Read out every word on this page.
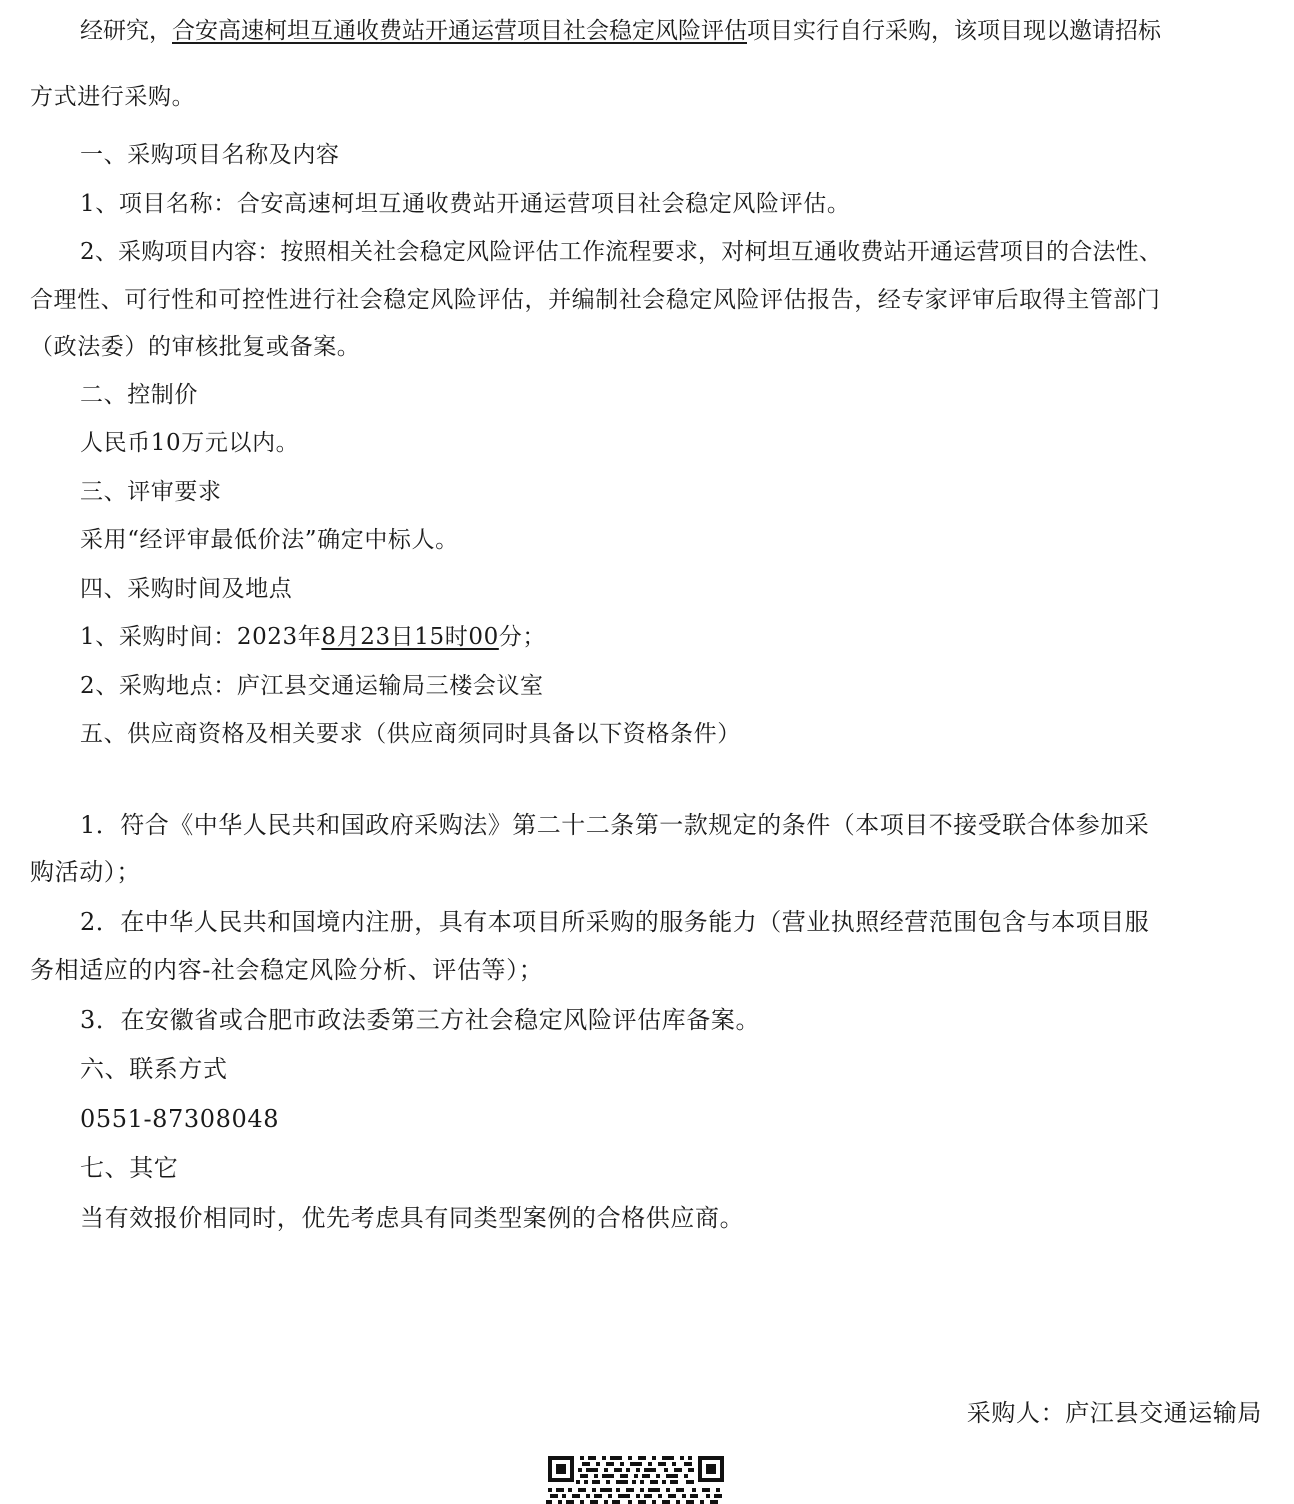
经研究，合安高速柯坦互通收费站开通运营项目社会稳定风险评估项目实行自行采购，该项目现以邀请招标
方式进行采购。
一、采购项目名称及内容
1、项目名称：合安高速柯坦互通收费站开通运营项目社会稳定风险评估。
2、采购项目内容：按照相关社会稳定风险评估工作流程要求，对柯坦互通收费站开通运营项目的合法性、
合理性、可行性和可控性进行社会稳定风险评估，并编制社会稳定风险评估报告，经专家评审后取得主管部门
（政法委）的审核批复或备案。
二、控制价
人民币10万元以内。
三、评审要求
采用“经评审最低价法”确定中标人。
四、采购时间及地点
1、采购时间：2023年8月23日15时00分；
2、采购地点：庐江县交通运输局三楼会议室
五、供应商资格及相关要求（供应商须同时具备以下资格条件）
1．符合《中华人民共和国政府采购法》第二十二条第一款规定的条件（本项目不接受联合体参加采
购活动）；
2．在中华人民共和国境内注册，具有本项目所采购的服务能力（营业执照经营范围包含与本项目服
务相适应的内容-社会稳定风险分析、评估等）；
3．在安徽省或合肥市政法委第三方社会稳定风险评估库备案。
六、联系方式
0551-87308048
七、其它
当有效报价相同时，优先考虑具有同类型案例的合格供应商。
采购人：庐江县交通运输局
